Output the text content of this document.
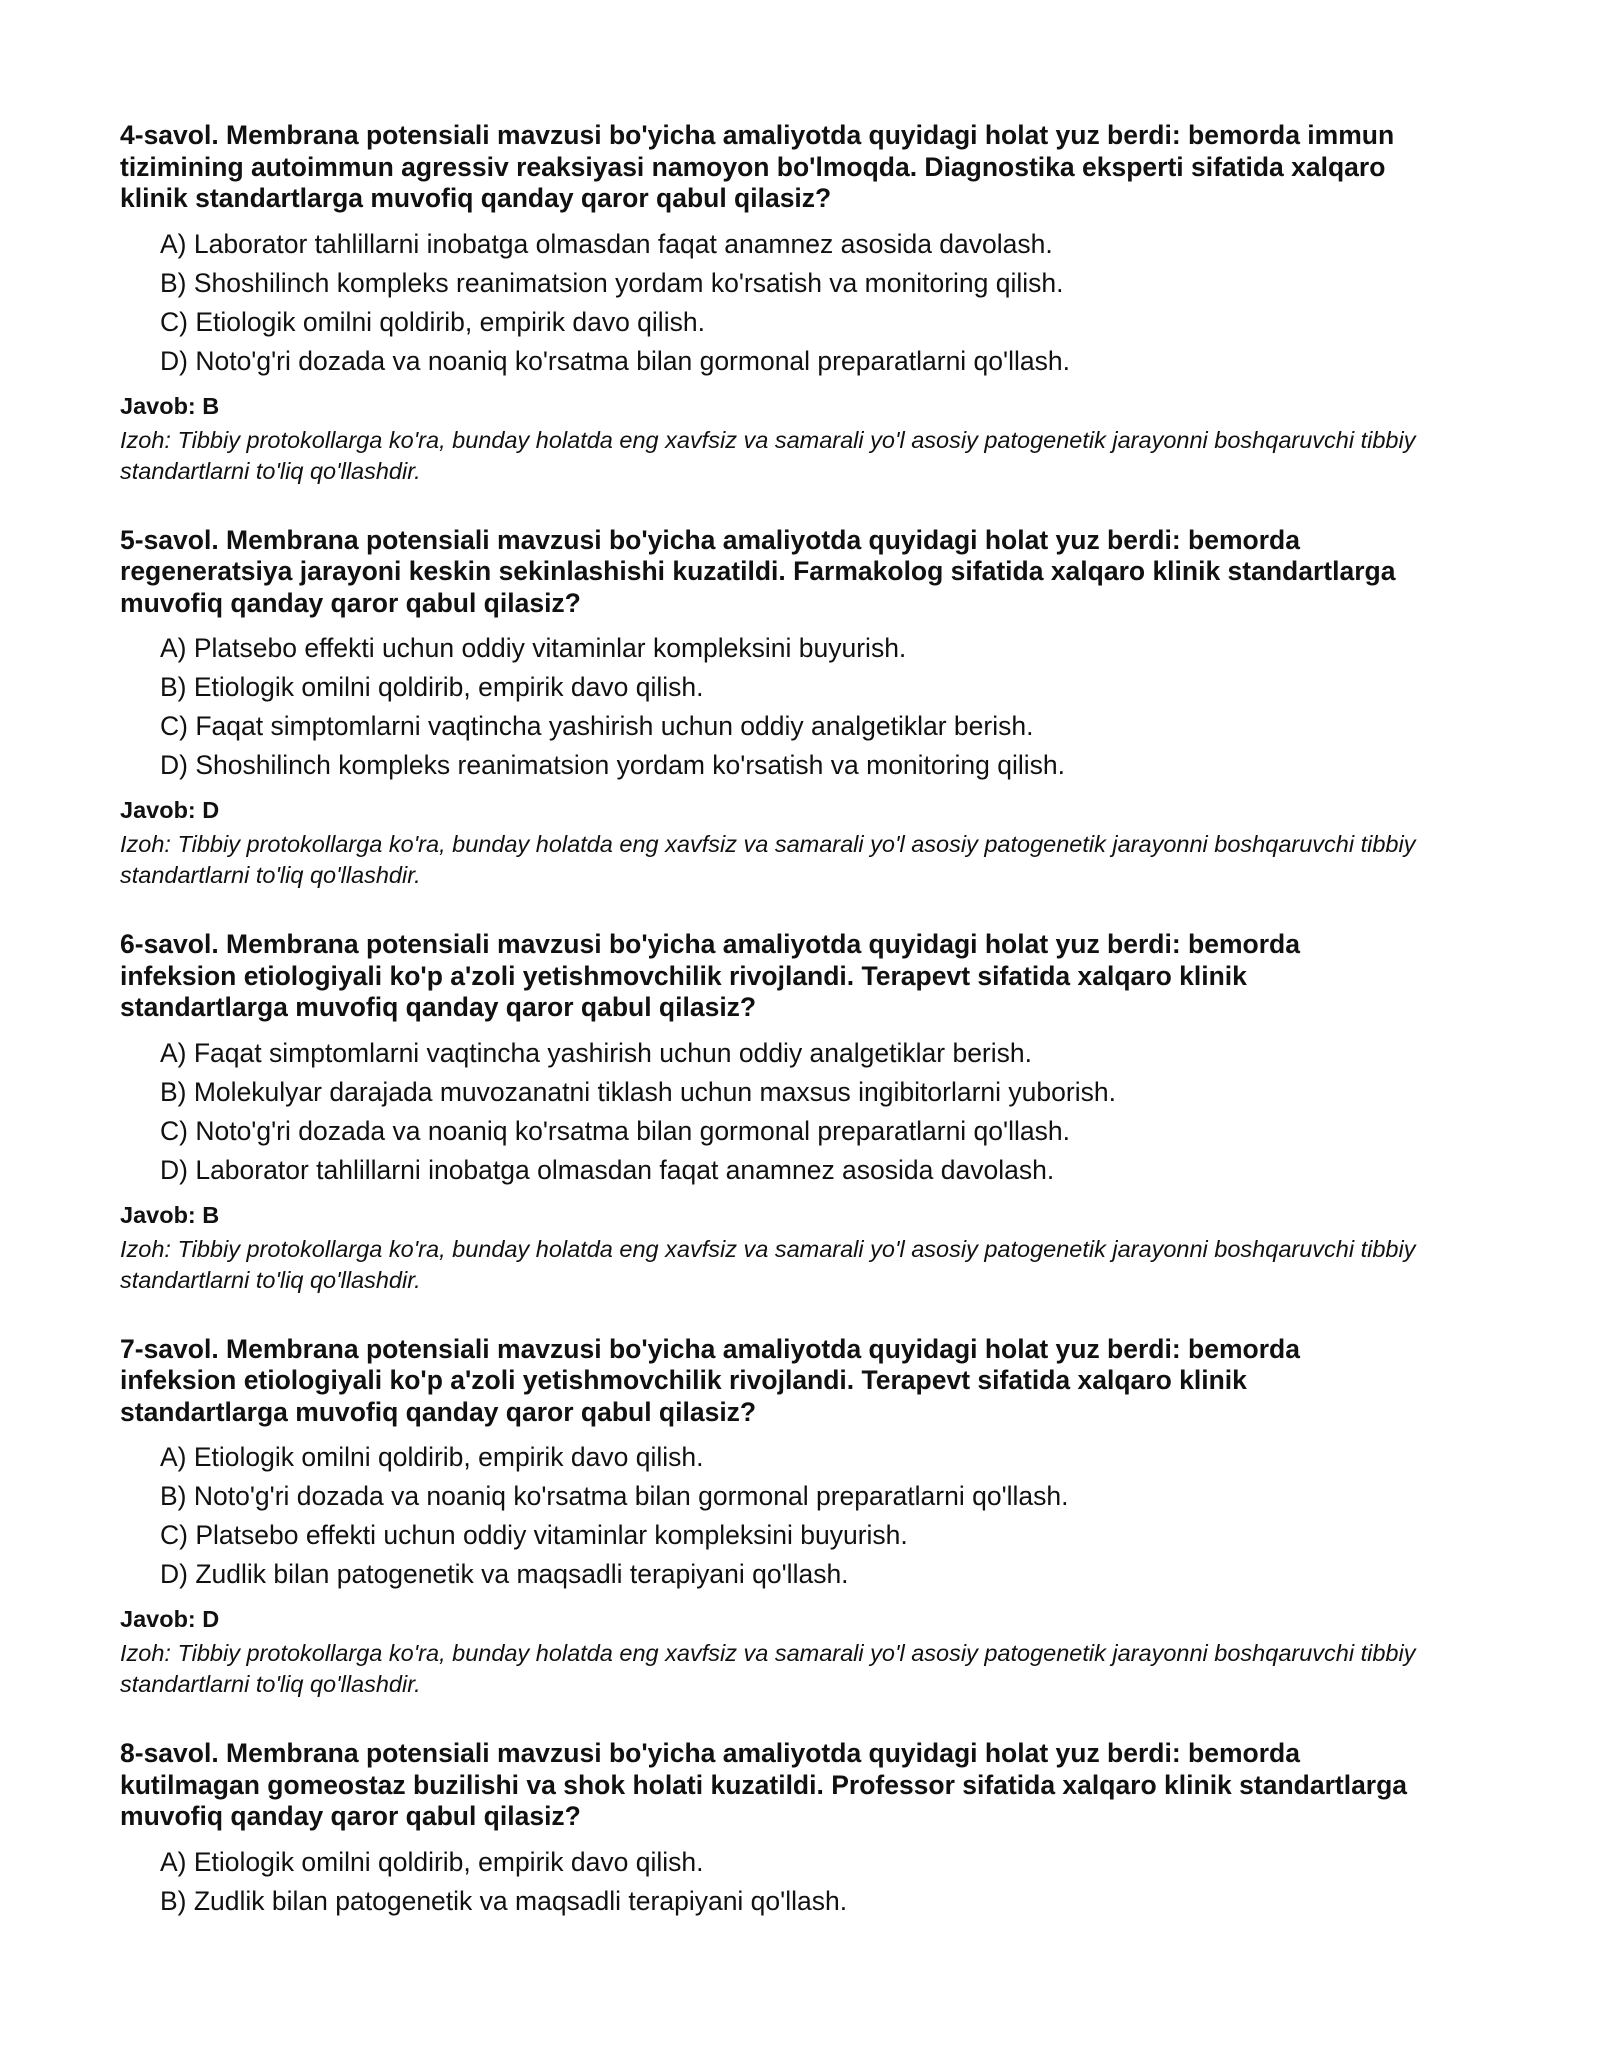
4-savol. Membrana potensiali mavzusi bo'yicha amaliyotda quyidagi holat yuz berdi: bemorda immun tizimining autoimmun agressiv reaksiyasi namoyon bo'lmoqda. Diagnostika eksperti sifatida xalqaro klinik standartlarga muvofiq qanday qaror qabul qilasiz?

A) Laborator tahlillarni inobatga olmasdan faqat anamnez asosida davolash.
B) Shoshilinch kompleks reanimatsion yordam ko'rsatish va monitoring qilish.
C) Etiologik omilni qoldirib, empirik davo qilish.
D) Noto'g'ri dozada va noaniq ko'rsatma bilan gormonal preparatlarni qo'llash.

Javob: B

Izoh: Tibbiy protokollarga ko'ra, bunday holatda eng xavfsiz va samarali yo'l asosiy patogenetik jarayonni boshqaruvchi tibbiy standartlarni to'liq qo'llashdir.

5-savol. Membrana potensiali mavzusi bo'yicha amaliyotda quyidagi holat yuz berdi: bemorda regeneratsiya jarayoni keskin sekinlashishi kuzatildi. Farmakolog sifatida xalqaro klinik standartlarga muvofiq qanday qaror qabul qilasiz?

A) Platsebo effekti uchun oddiy vitaminlar kompleksini buyurish.
B) Etiologik omilni qoldirib, empirik davo qilish.
C) Faqat simptomlarni vaqtincha yashirish uchun oddiy analgetiklar berish.
D) Shoshilinch kompleks reanimatsion yordam ko'rsatish va monitoring qilish.

Javob: D

Izoh: Tibbiy protokollarga ko'ra, bunday holatda eng xavfsiz va samarali yo'l asosiy patogenetik jarayonni boshqaruvchi tibbiy standartlarni to'liq qo'llashdir.

6-savol. Membrana potensiali mavzusi bo'yicha amaliyotda quyidagi holat yuz berdi: bemorda infeksion etiologiyali ko'p a'zoli yetishmovchilik rivojlandi. Terapevt sifatida xalqaro klinik standartlarga muvofiq qanday qaror qabul qilasiz?

A) Faqat simptomlarni vaqtincha yashirish uchun oddiy analgetiklar berish.
B) Molekulyar darajada muvozanatni tiklash uchun maxsus ingibitorlarni yuborish.
C) Noto'g'ri dozada va noaniq ko'rsatma bilan gormonal preparatlarni qo'llash.
D) Laborator tahlillarni inobatga olmasdan faqat anamnez asosida davolash.

Javob: B

Izoh: Tibbiy protokollarga ko'ra, bunday holatda eng xavfsiz va samarali yo'l asosiy patogenetik jarayonni boshqaruvchi tibbiy standartlarni to'liq qo'llashdir.

7-savol. Membrana potensiali mavzusi bo'yicha amaliyotda quyidagi holat yuz berdi: bemorda infeksion etiologiyali ko'p a'zoli yetishmovchilik rivojlandi. Terapevt sifatida xalqaro klinik standartlarga muvofiq qanday qaror qabul qilasiz?

A) Etiologik omilni qoldirib, empirik davo qilish.
B) Noto'g'ri dozada va noaniq ko'rsatma bilan gormonal preparatlarni qo'llash.
C) Platsebo effekti uchun oddiy vitaminlar kompleksini buyurish.
D) Zudlik bilan patogenetik va maqsadli terapiyani qo'llash.

Javob: D

Izoh: Tibbiy protokollarga ko'ra, bunday holatda eng xavfsiz va samarali yo'l asosiy patogenetik jarayonni boshqaruvchi tibbiy standartlarni to'liq qo'llashdir.

8-savol. Membrana potensiali mavzusi bo'yicha amaliyotda quyidagi holat yuz berdi: bemorda kutilmagan gomeostaz buzilishi va shok holati kuzatildi. Professor sifatida xalqaro klinik standartlarga muvofiq qanday qaror qabul qilasiz?

A) Etiologik omilni qoldirib, empirik davo qilish.
B) Zudlik bilan patogenetik va maqsadli terapiyani qo'llash.
